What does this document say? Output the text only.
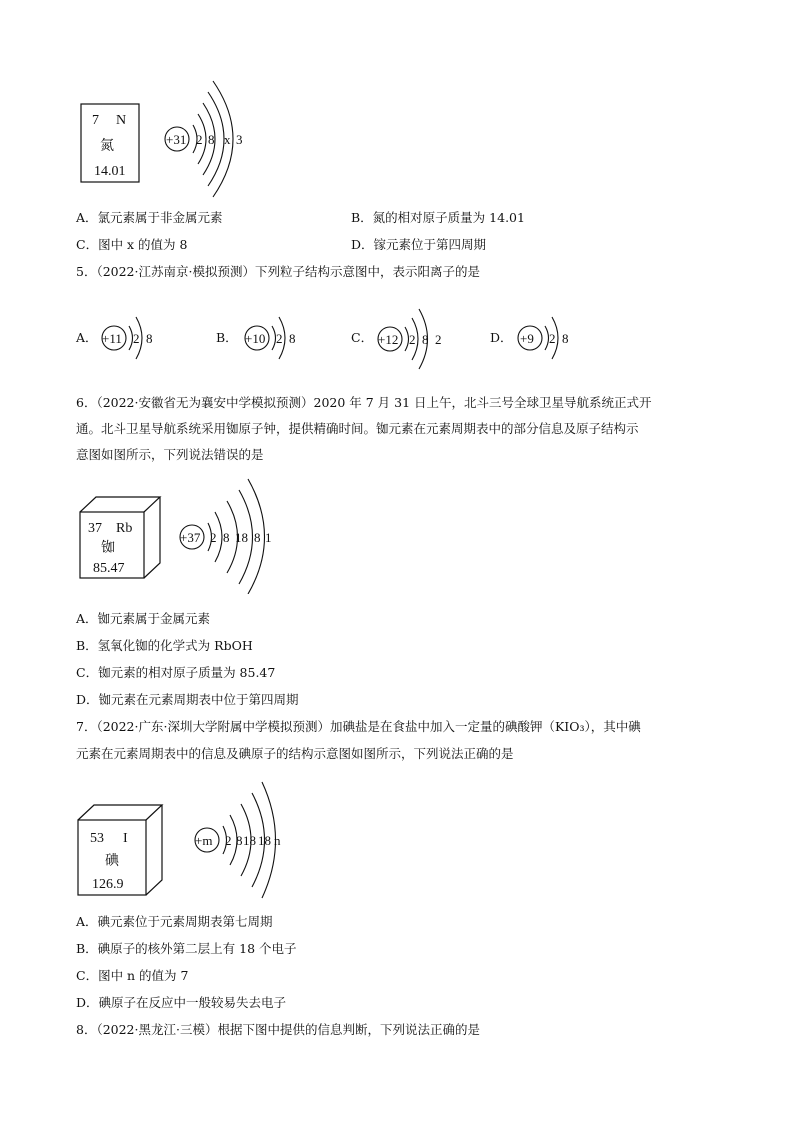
7 N
氮
14.01
+31 2 8 x 3
A．氯元素属于非金属元素	B．氮的相对原子质量为 14.01
C．图中 x 的值为 8	D．镓元素位于第四周期
5．（2022·江苏南京·模拟预测）下列粒子结构示意图中，表示阳离子的是
A． +11 2 8	B． +10 2 8	C． +12 2 8 2	D． +9 2 8
6．（2022·安徽省无为襄安中学模拟预测）2020 年 7 月 31 日上午，北斗三号全球卫星导航系统正式开
通。北斗卫星导航系统采用铷原子钟，提供精确时间。铷元素在元素周期表中的部分信息及原子结构示
意图如图所示，下列说法错误的是
37 Rb
铷
85.47
+37 2 8 18 8 1
A．铷元素属于金属元素
B．氢氧化铷的化学式为 RbOH
C．铷元素的相对原子质量为 85.47
D．铷元素在元素周期表中位于第四周期
7．（2022·广东·深圳大学附属中学模拟预测）加碘盐是在食盐中加入一定量的碘酸钾（KIO₃），其中碘
元素在元素周期表中的信息及碘原子的结构示意图如图所示，下列说法正确的是
53 I
碘
126.9
+m 2 8 18 18 n
A．碘元素位于元素周期表第七周期
B．碘原子的核外第二层上有 18 个电子
C．图中 n 的值为 7
D．碘原子在反应中一般较易失去电子
8．（2022·黑龙江·三模）根据下图中提供的信息判断，下列说法正确的是
